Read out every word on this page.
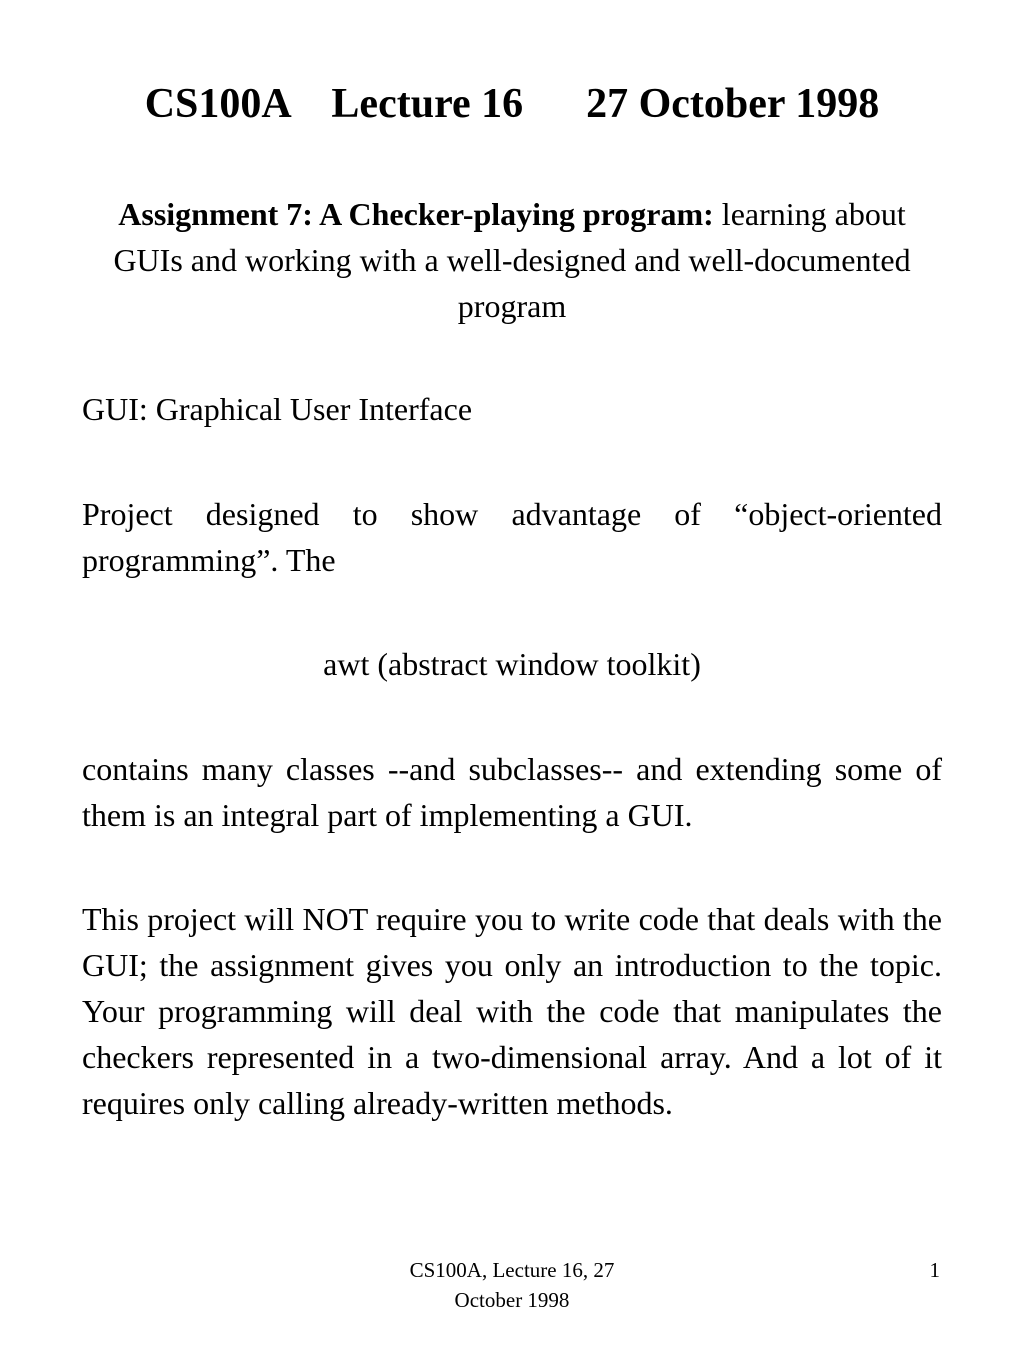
CS100A    Lecture 16      27 October 1998
Assignment 7: A Checker-playing program: learning about GUIs and working with a well-designed and well-documented program
GUI: Graphical User Interface
Project designed to show advantage of “object-oriented programming”. The
awt (abstract window toolkit)
contains many classes --and subclasses-- and extending some of them is an integral part of implementing a GUI.
This project will NOT require you to write code that deals with the GUI; the assignment gives you only an introduction to the topic. Your programming will deal with the code that manipulates the checkers represented in a two-dimensional array. And a lot of it requires only calling already-written methods.
CS100A, Lecture 16, 27
October 1998
1
